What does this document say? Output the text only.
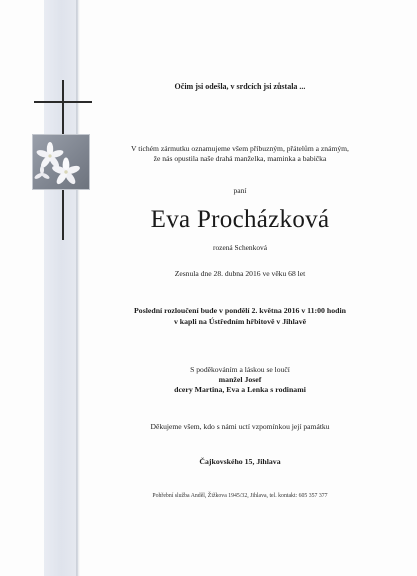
Očim jsi odešla, v srdcích jsi zůstala ...
V tichém zármutku oznamujeme všem příbuzným, přátelům a známým,
že nás opustila naše drahá manželka, maminka a babička
paní
Eva Procházková
rozená Schenková
Zesnula dne 28. dubna 2016 ve věku 68 let
Poslední rozloučení bude v pondělí 2. května 2016 v 11:00 hodin
v kapli na Ústředním hřbitově v Jihlavě
S poděkováním a láskou se loučí
manžel Josef
dcery Martina, Eva a Lenka s rodinami
Děkujeme všem, kdo s námi uctí vzpomínkou její památku
Čajkovského 15, Jihlava
Pohřební služba Anděl, Žižkova 1945/32, Jihlava, tel. kontakt: 605 357 377
